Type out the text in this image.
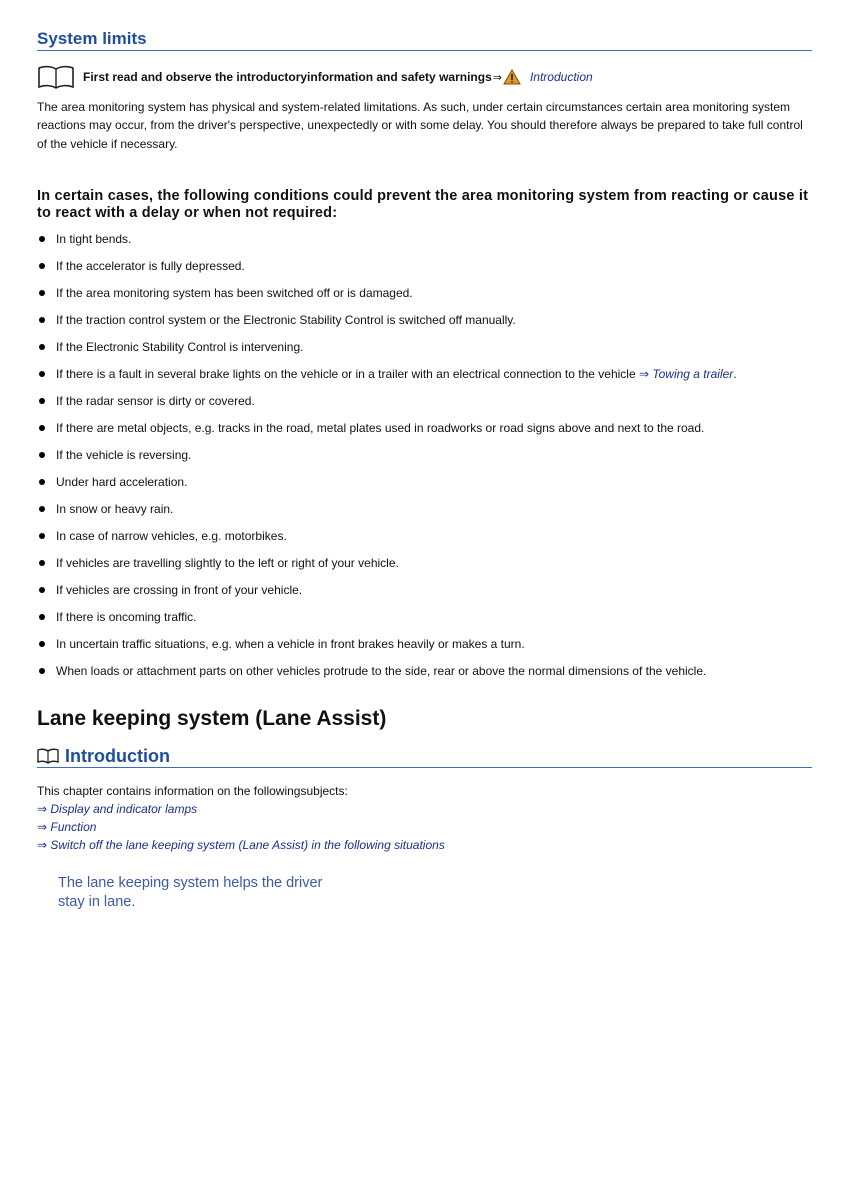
System limits
First read and observe the introductoryinformation and safety warnings ⇒ Introduction
The area monitoring system has physical and system-related limitations. As such, under certain circumstances certain area monitoring system reactions may occur, from the driver's perspective, unexpectedly or with some delay. You should therefore always be prepared to take full control of the vehicle if necessary.
In certain cases, the following conditions could prevent the area monitoring system from reacting or cause it to react with a delay or when not required:
In tight bends.
If the accelerator is fully depressed.
If the area monitoring system has been switched off or is damaged.
If the traction control system or the Electronic Stability Control is switched off manually.
If the Electronic Stability Control is intervening.
If there is a fault in several brake lights on the vehicle or in a trailer with an electrical connection to the vehicle ⇒ Towing a trailer.
If the radar sensor is dirty or covered.
If there are metal objects, e.g. tracks in the road, metal plates used in roadworks or road signs above and next to the road.
If the vehicle is reversing.
Under hard acceleration.
In snow or heavy rain.
In case of narrow vehicles, e.g. motorbikes.
If vehicles are travelling slightly to the left or right of your vehicle.
If vehicles are crossing in front of your vehicle.
If there is oncoming traffic.
In uncertain traffic situations, e.g. when a vehicle in front brakes heavily or makes a turn.
When loads or attachment parts on other vehicles protrude to the side, rear or above the normal dimensions of the vehicle.
Lane keeping system (Lane Assist)
Introduction
This chapter contains information on the followingsubjects:
⇒ Display and indicator lamps
⇒ Function
⇒ Switch off the lane keeping system (Lane Assist) in the following situations
The lane keeping system helps the driver
stay in lane.
